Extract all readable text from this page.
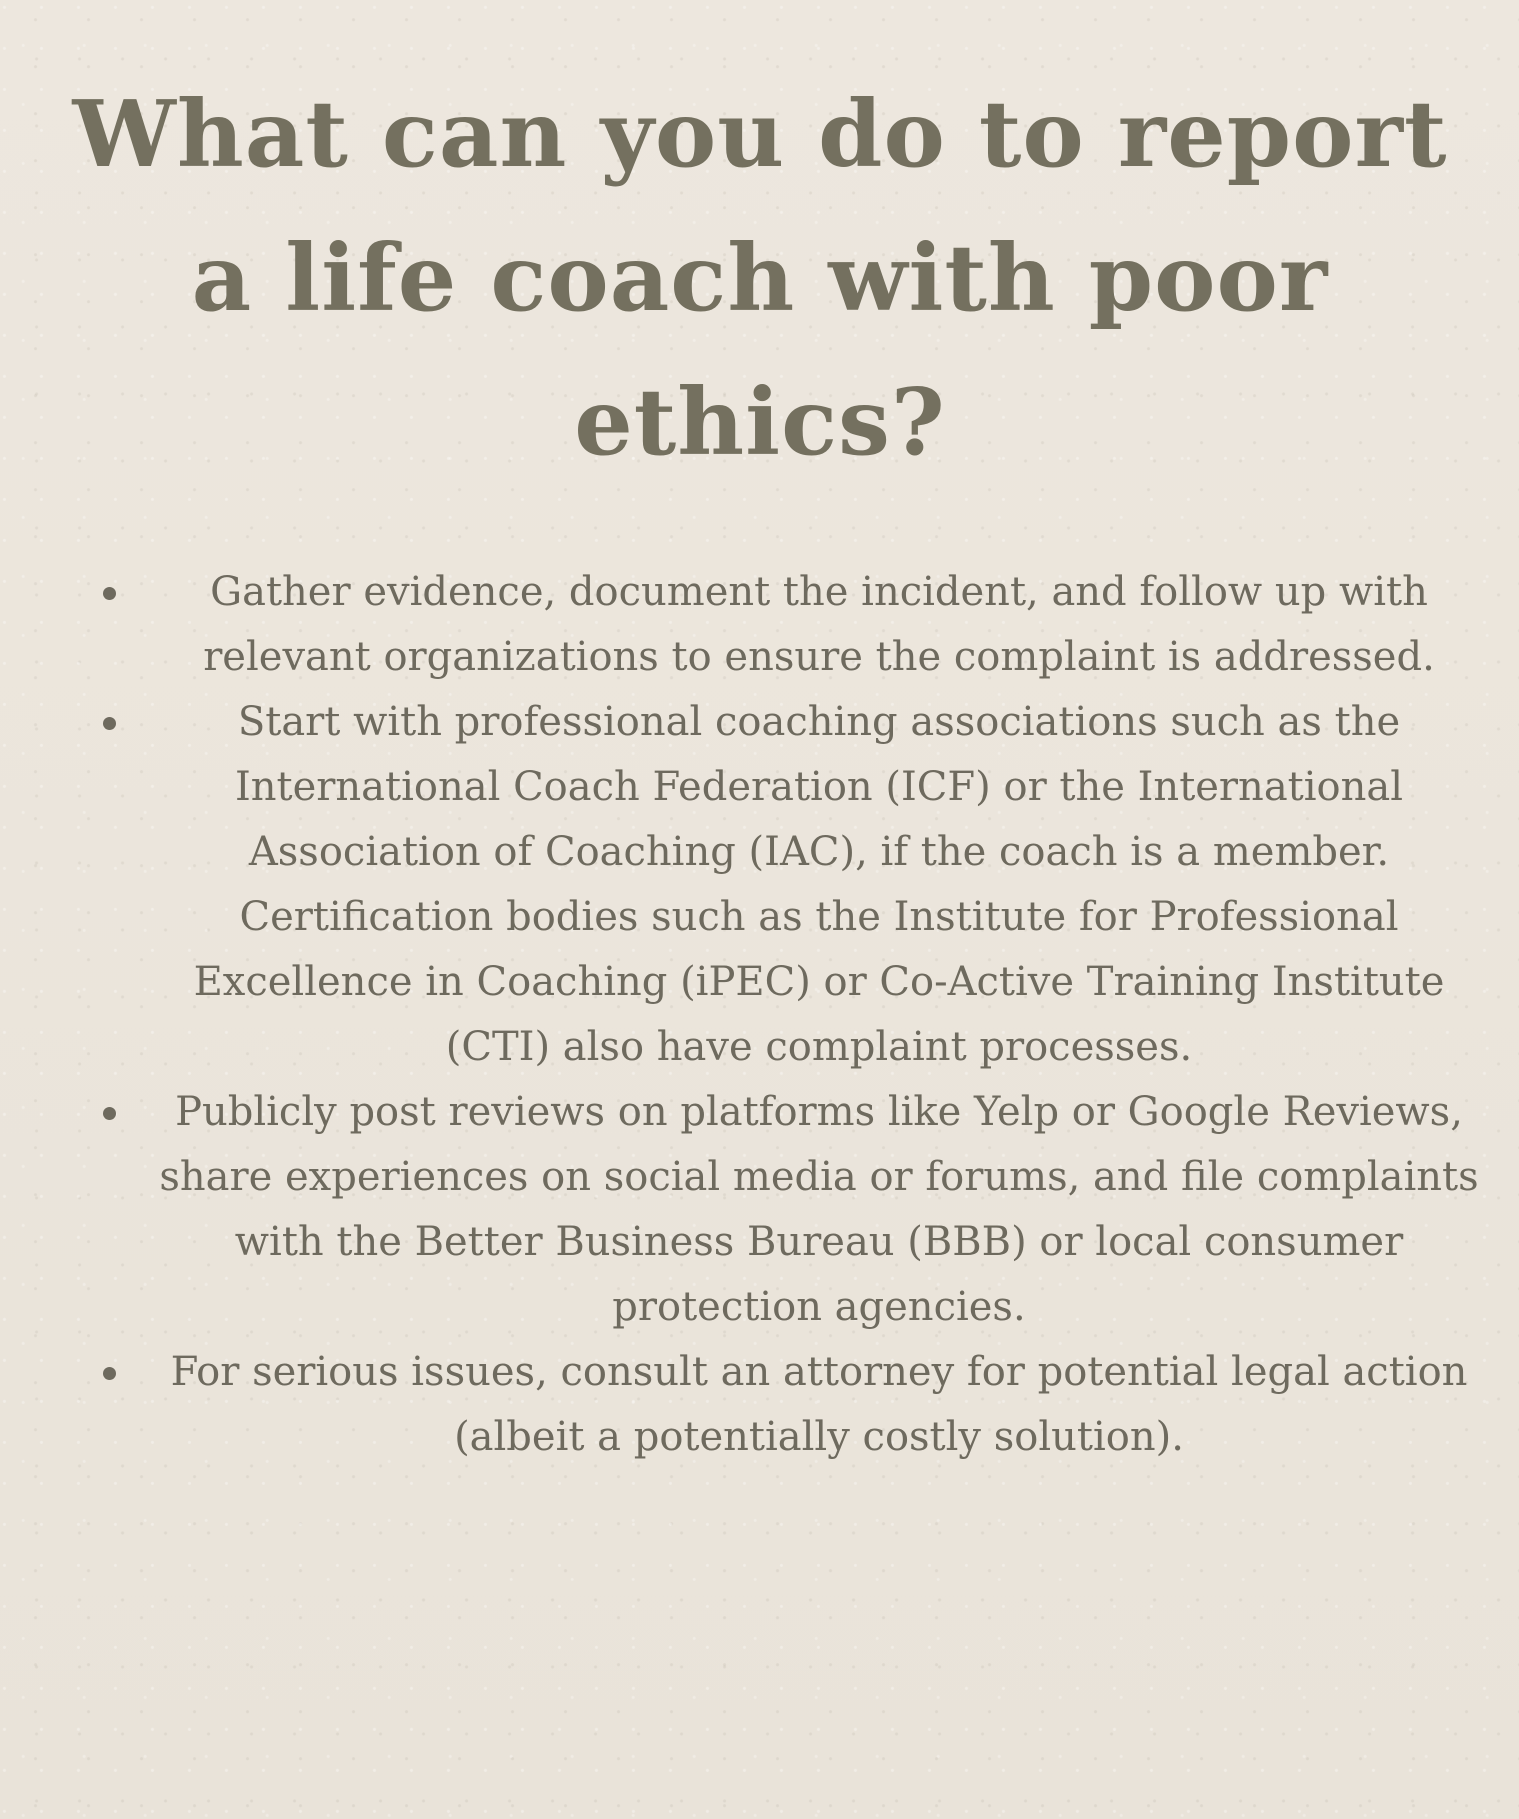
What can you do to report a life coach with poor ethics?
Gather evidence, document the incident, and follow up with relevant organizations to ensure the complaint is addressed.
Start with professional coaching associations such as the International Coach Federation (ICF) or the International Association of Coaching (IAC), if the coach is a member. Certification bodies such as the Institute for Professional Excellence in Coaching (iPEC) or Co-Active Training Institute (CTI) also have complaint processes.
Publicly post reviews on platforms like Yelp or Google Reviews, share experiences on social media or forums, and file complaints with the Better Business Bureau (BBB) or local consumer protection agencies.
For serious issues, consult an attorney for potential legal action (albeit a potentially costly solution).
